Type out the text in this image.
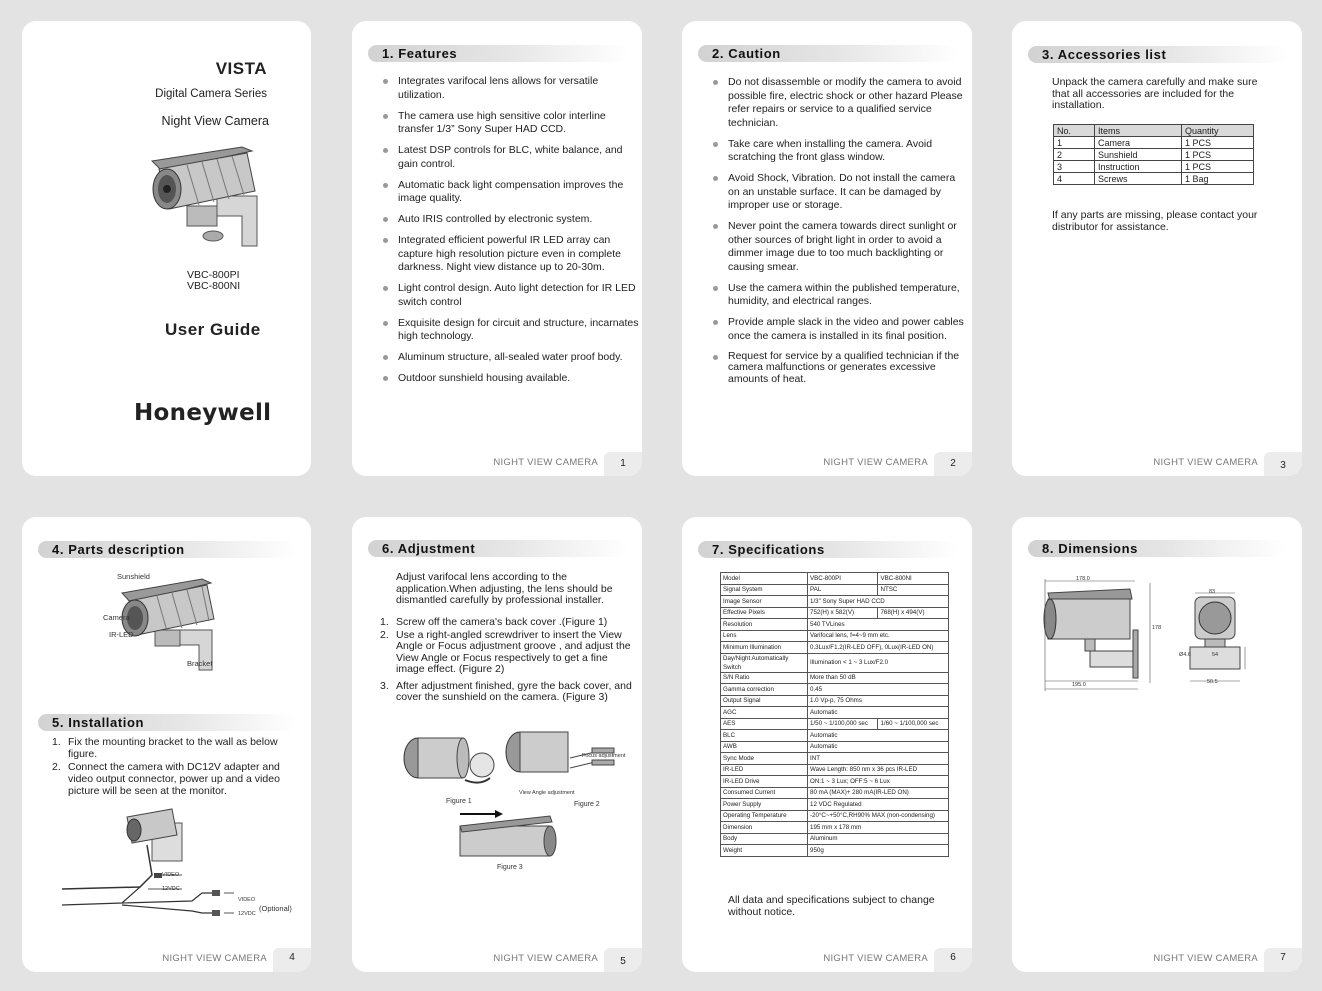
VISTA
Digital Camera Series
Night View Camera
VBC-800PI
VBC-800NI
User Guide
Honeywell
1. Features
Integrates varifocal lens allows for versatile utilization.
The camera use high sensitive color interline transfer 1/3” Sony Super HAD CCD.
Latest DSP controls for BLC, white balance, and gain control.
Automatic back light compensation improves the image quality.
Auto IRIS controlled by electronic system.
Integrated efficient powerful IR LED array can capture high resolution picture even in complete darkness. Night view distance up to 20-30m.
Light control design. Auto light detection for IR LED switch control
Exquisite design for circuit and structure, incarnates high technology.
Aluminum structure, all-sealed water proof body.
Outdoor sunshield housing available.
NIGHT VIEW CAMERA	1
2. Caution
Do not disassemble or modify the camera to avoid possible fire, electric shock or other hazard Please refer repairs or service to a qualified service technician.
Take care when installing the camera. Avoid scratching the front glass window.
Avoid Shock, Vibration. Do not install the camera on an unstable surface. It can be damaged by improper use or storage.
Never point the camera towards direct sunlight or other sources of bright light in order to avoid a dimmer image due to too much backlighting or causing smear.
Use the camera within the published temperature, humidity, and electrical ranges.
Provide ample slack in the video and power cables once the camera is installed in its final position.
Request for service by a qualified technician if the camera malfunctions or generates excessive amounts of heat.
NIGHT VIEW CAMERA	2
3. Accessories list
Unpack the camera carefully and make sure that all accessories are included for the installation.
No.	Items	Quantity
1	Camera	1 PCS
2	Sunshield	1 PCS
3	Instruction	1 PCS
4	Screws	1 Bag
If any parts are missing, please contact your distributor for assistance.
NIGHT VIEW CAMERA	3
4. Parts description
Sunshield
Camera
IR-LED
Bracket
5. Installation
1. Fix the mounting bracket to the wall as below figure.
2. Connect the camera with DC12V adapter and video output connector, power up and a video picture will be seen at the monitor.
VIDEO
12VDC
VIDEO
12VDC
(Optional)
NIGHT VIEW CAMERA	4
6. Adjustment
Adjust varifocal lens according to the application.When adjusting, the lens should be dismantled carefully by professional installer.
1. Screw off the camera's back cover .(Figure 1)
2. Use a right-angled screwdriver to insert the View Angle or Focus adjustment groove , and adjust the View Angle or Focus respectively to get a fine image effect. (Figure 2)
3. After adjustment finished, gyre the back cover, and cover the sunshield on the camera. (Figure 3)
Focus adjustment
View Angle adjustment
Figure 1	Figure 2
Figure 3
NIGHT VIEW CAMERA	5
7. Specifications
Model	VBC-800PI	VBC-800NI
Signal System	PAL	NTSC
Image Sensor	1/3" Sony Super HAD CCD	
Effective Pixels	752(H) x 582(V)	768(H) x 494(V)
Resolution	540 TVLines	
Lens	Varifocal lens, f=4~9 mm etc.	
Minimum Illumination	0.3Lux/F1.2(IR-LED OFF), 0Lux(IR-LED ON)	
Day/Night Automatically Switch	Illumination < 1 ~ 3 Lux/F2.0	
S/N Ratio	More than 50 dB	
Gamma correction	0.45	
Output Signal	1.0 Vp-p, 75 Ohms	
AGC	Automatic	
AES	1/50 ~ 1/100,000 sec	1/60 ~ 1/100,000 sec
BLC	Automatic	
AWB	Automatic	
Sync Mode	INT	
IR-LED	Wave Length: 850 nm x 36 pcs IR-LED	
IR-LED Drive	ON:1 ~ 3 Lux; OFF:5 ~ 6 Lux	
Consumed Current	80 mA (MAX)+ 280 mA(IR-LED ON)	
Power Supply	12 VDC Regulated	
Operating Temperature	-20°C~+50°C,RH90% MAX (non-condensing)	
Dimension	195 mm x 178 mm	
Body	Aluminum	
Weight	950g	
All data and specifications subject to change without notice.
NIGHT VIEW CAMERA	6
8. Dimensions
178.0
178
195.0
83
Ø4.6	54
50.5
NIGHT VIEW CAMERA	7
